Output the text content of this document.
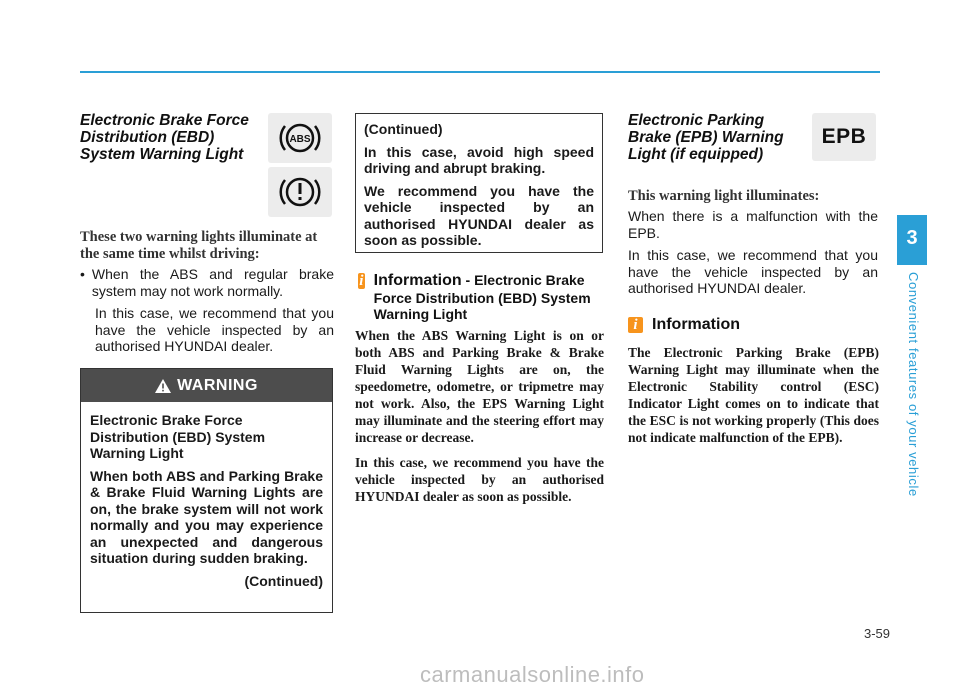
3
Convenient features of your vehicle
Electronic Brake Force Distribution (EBD) System Warning Light
ABS
These two warning lights illuminate at the same time whilst driving:
• When the ABS and regular brake system may not work normally.

In this case, we recommend that you have the vehicle inspected by an authorised HYUNDAI dealer.

WARNING

Electronic Brake Force Distribution (EBD) System Warning Light

When both ABS and Parking Brake & Brake Fluid Warning Lights are on, the brake system will not work normally and you may experience an unexpected and dangerous situation during sudden braking.

(Continued)

(Continued)

In this case, avoid high speed driving and abrupt braking.

We recommend you have the vehicle inspected by an authorised HYUNDAI dealer as soon as possible.

i Information - Electronic Brake Force Distribution (EBD) System Warning Light

When the ABS Warning Light is on or both ABS and Parking Brake & Brake Fluid Warning Lights are on, the speedometre, odometre, or tripmetre may not work. Also, the EPS Warning Light may illuminate and the steering effort may increase or decrease.

In this case, we recommend you have the vehicle inspected by an authorised HYUNDAI dealer as soon as possible.

Electronic Parking Brake (EPB) Warning Light (if equipped)
EPB
This warning light illuminates:

When there is a malfunction with the EPB.

In this case, we recommend that you have the vehicle inspected by an authorised HYUNDAI dealer.

i Information

The Electronic Parking Brake (EPB) Warning Light may illuminate when the Electronic Stability control (ESC) Indicator Light comes on to indicate that the ESC is not working properly (This does not indicate malfunction of the EPB).

3-59
carmanualsonline.info
